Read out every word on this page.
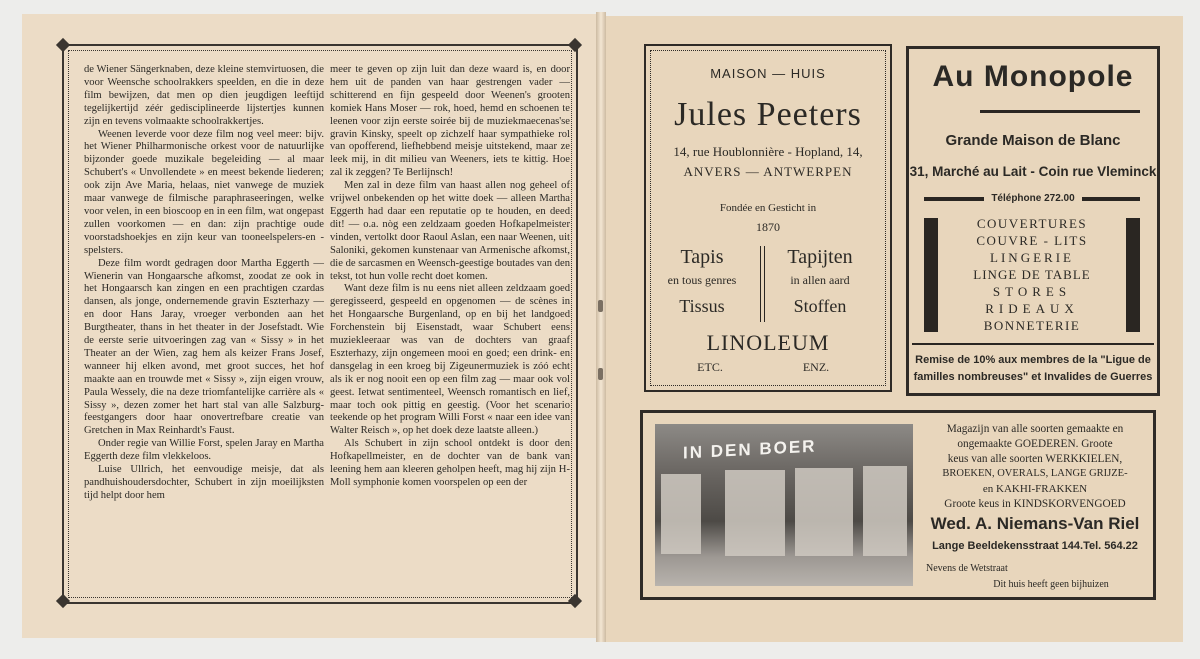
de Wiener Sängerknaben, deze kleine stemvirtuosen, die voor Weensche schoolrakkers speelden, en die in deze film bewijzen, dat men op dien jeugdigen leeftijd tegelijkertijd zéér gedisciplineerde lijstertjes kunnen zijn en tevens volmaakte schoolrakkertjes.

Weenen leverde voor deze film nog veel meer: bijv. het Wiener Philharmonische orkest voor de natuurlijke bijzonder goede muzikale begeleiding — al maar Schubert's « Unvollendete » en meest bekende liederen; ook zijn Ave Maria, helaas, niet vanwege de muziek maar vanwege de filmische paraphraseeringen, welke voor velen, in een bioscoop en in een film, wat ongepast zullen voorkomen — en dan: zijn prachtige oude voorstadshoekjes en zijn keur van tooneelspelers-en -spelsters.

Deze film wordt gedragen door Martha Eggerth — Wienerin van Hongaarsche afkomst, zoodat ze ook in het Hongaarsch kan zingen en een prachtigen czardas dansen, als jonge, ondernemende gravin Eszterhazy — en door Hans Jaray, vroeger verbonden aan het Burgtheater, thans in het theater in der Josefstadt. Wie de eerste serie uitvoeringen zag van « Sissy » in het Theater an der Wien, zag hem als keizer Frans Josef, wanneer hij elken avond, met groot succes, het hof maakte aan en trouwde met « Sissy », zijn eigen vrouw, Paula Wessely, die na deze triomfantelijke carrière als « Sissy », dezen zomer het hart stal van alle Salzburg-feestgangers door haar onovertrefbare creatie van Gretchen in Max Reinhardt's Faust.

Onder regie van Willie Forst, spelen Jaray en Martha Eggerth deze film vlekkeloos.

Luise Ullrich, het eenvoudige meisje, dat als pandhuishoudersdochter, Schubert in zijn moeilijksten tijd helpt door hem

meer te geven op zijn luit dan deze waard is, en door hem uit de panden van haar gestrengen vader — schitterend en fijn gespeeld door Weenen's grooten komiek Hans Moser — rok, hoed, hemd en schoenen te leenen voor zijn eerste soirée bij de muziekmaecenas'se gravin Kinsky, speelt op zichzelf haar sympathieke rol van opofferend, liefhebbend meisje uitstekend, maar ze leek mij, in dit milieu van Weeners, iets te kittig. Hoe zal ik zeggen? Te Berlijnsch!

Men zal in deze film van haast allen nog geheel of vrijwel onbekenden op het witte doek — alleen Martha Eggerth had daar een reputatie op te houden, en deed dit! — o.a. nòg een zeldzaam goeden Hofkapelmeister vinden, vertolkt door Raoul Aslan, een naar Weenen, uit Saloniki, gekomen kunstenaar van Armenische afkomst, die de sarcasmen en Weensch-geestige boutades van den tekst, tot hun volle recht doet komen.

Want deze film is nu eens niet alleen zeldzaam goed geregisseerd, gespeeld en opgenomen — de scènes in het Hongaarsche Burgenland, op en bij het landgoed Forchenstein bij Eisenstadt, waar Schubert eens muziekleeraar was van de dochters van graaf Eszterhazy, zijn ongemeen mooi en goed; een drink- en dansgelag in een kroeg bij Zigeunermuziek is zóó echt als ik er nog nooit een op een film zag — maar ook vol geest. Ietwat sentimenteel, Weensch romantisch en lief, maar toch ook pittig en geestig. (Voor het scenario teekende op het program Willi Forst « naar een idee van Walter Reisch », op het doek deze laatste alleen.)

Als Schubert in zijn school ontdekt is door den Hofkapellmeister, en de dochter van de bank van leening hem aan kleeren geholpen heeft, mag hij zijn H-Moll symphonie komen voorspelen op een der

MAISON — HUIS
Jules Peeters
14, rue Houblonnière - Hopland, 14,
ANVERS — ANTWERPEN
Fondée en Gesticht in
1870
Tapis
en tous genres
Tissus
Tapijten
in allen aard
Stoffen
LINOLEUM
ETC.	ENZ.
Au Monopole
Grande Maison de Blanc
31, Marché au Lait - Coin rue Vleminck
Téléphone 272.00
COUVERTURES
COUVRE - LITS
LINGERIE
LINGE DE TABLE
STORES
RIDEAUX
BONNETERIE
Remise de 10% aux membres de la "Ligue de
familles nombreuses" et Invalides de Guerres
IN DEN BOER
Magazijn van alle soorten gemaakte en
ongemaakte GOEDEREN. Groote
keus van alle soorten WERKKIELEN,
BROEKEN, OVERALS, LANGE GRIJZE-
en KAKHI-FRAKKEN
Groote keus in KINDSKORVENGOED
Wed. A. Niemans-Van Riel
Lange Beeldekensstraat 144.Tel. 564.22
Nevens de Wetstraat
Dit huis heeft geen bijhuizen
